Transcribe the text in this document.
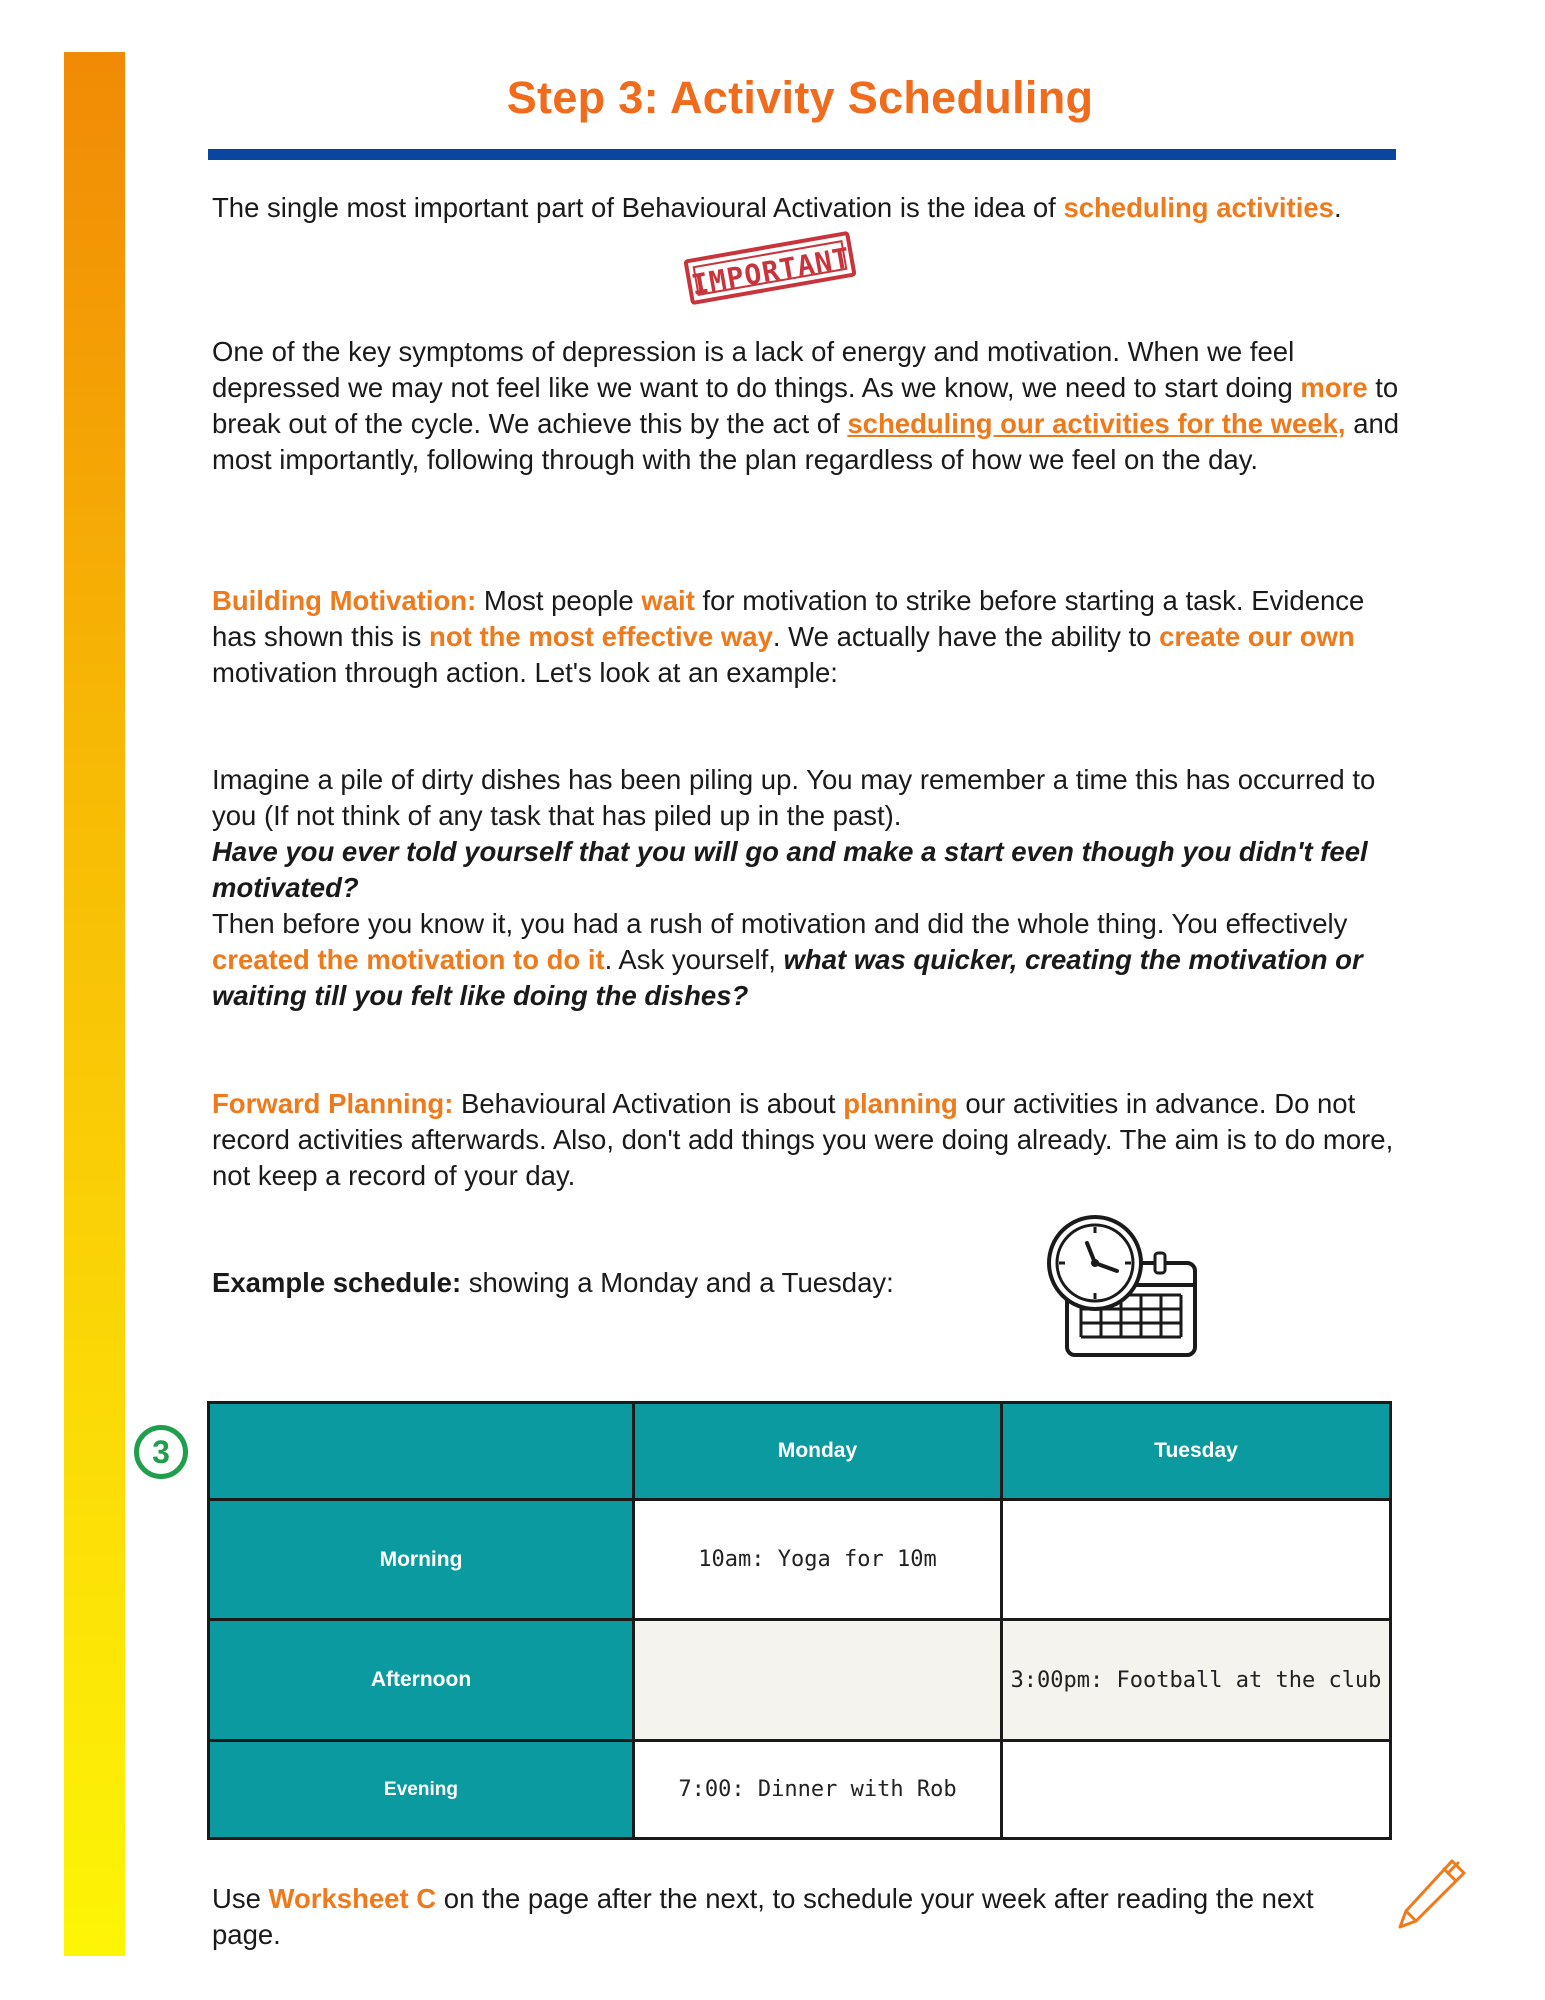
Step 3: Activity Scheduling

The single most important part of Behavioural Activation is the idea of scheduling activities.

IMPORTANT

One of the key symptoms of depression is a lack of energy and motivation. When we feel depressed we may not feel like we want to do things. As we know, we need to start doing more to break out of the cycle. We achieve this by the act of scheduling our activities for the week, and most importantly, following through with the plan regardless of how we feel on the day.

Building Motivation: Most people wait for motivation to strike before starting a task. Evidence has shown this is not the most effective way. We actually have the ability to create our own motivation through action. Let's look at an example:

Imagine a pile of dirty dishes has been piling up. You may remember a time this has occurred to you (If not think of any task that has piled up in the past).
Have you ever told yourself that you will go and make a start even though you didn't feel motivated?
Then before you know it, you had a rush of motivation and did the whole thing. You effectively created the motivation to do it. Ask yourself, what was quicker, creating the motivation or waiting till you felt like doing the dishes?

Forward Planning: Behavioural Activation is about planning our activities in advance. Do not record activities afterwards. Also, don't add things you were doing already. The aim is to do more, not keep a record of your day.

Example schedule: showing a Monday and a Tuesday:

3
		Monday	Tuesday
Morning	10am: Yoga for 10m	
Afternoon		3:00pm: Football at the club
Evening	7:00: Dinner with Rob	

Use Worksheet C on the page after the next, to schedule your week after reading the next page.
